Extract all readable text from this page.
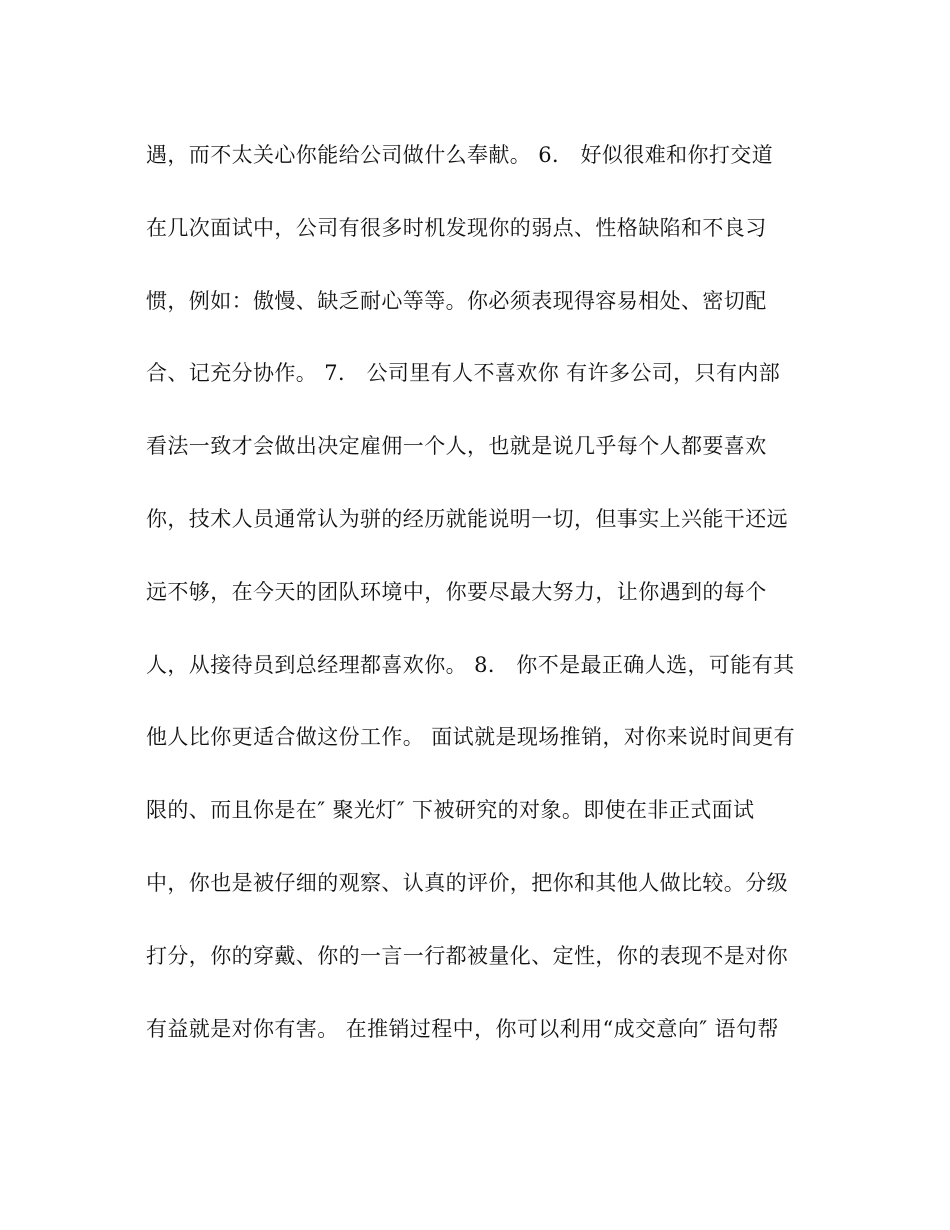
遇，而不太关心你能给公司做什么奉献。 6． 好似很难和你打交道
在几次面试中，公司有很多时机发现你的弱点、性格缺陷和不良习
惯，例如：傲慢、缺乏耐心等等。你必须表现得容易相处、密切配
合、记充分协作。 7． 公司里有人不喜欢你 有许多公司，只有内部
看法一致才会做出决定雇佣一个人，也就是说几乎每个人都要喜欢
你，技术人员通常认为骈的经历就能说明一切，但事实上兴能干还远
远不够，在今天的团队环境中，你要尽最大努力，让你遇到的每个
人，从接待员到总经理都喜欢你。 8． 你不是最正确人选，可能有其
他人比你更适合做这份工作。 面试就是现场推销，对你来说时间更有
限的、而且你是在″ 聚光灯″ 下被研究的对象。即使在非正式面试
中，你也是被仔细的观察、认真的评价，把你和其他人做比较。分级
打分，你的穿戴、你的一言一行都被量化、定性，你的表现不是对你
有益就是对你有害。 在推销过程中，你可以利用“成交意向″ 语句帮
